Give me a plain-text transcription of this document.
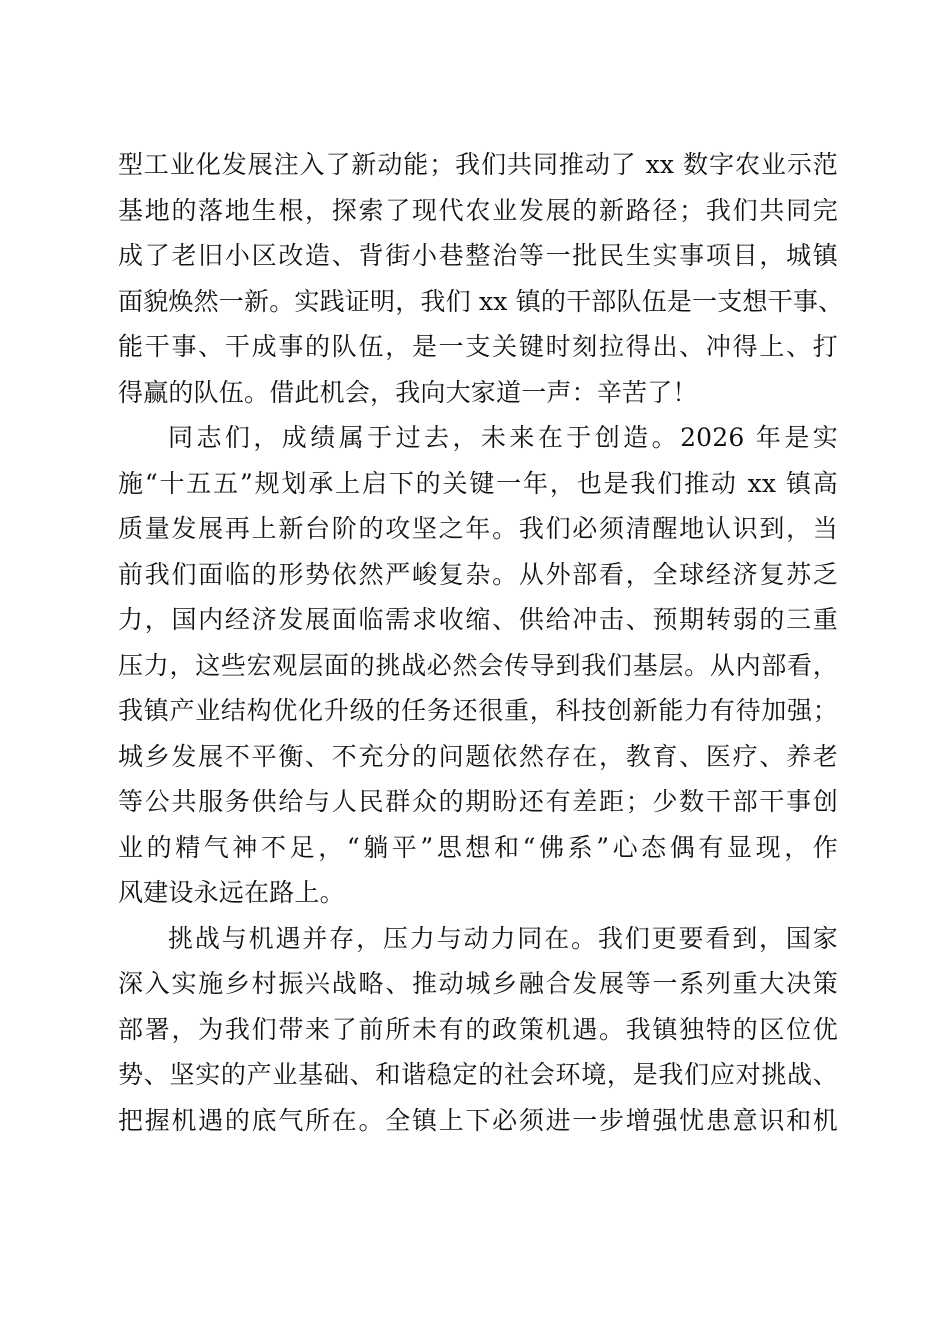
型工业化发展注入了新动能；我们共同推动了 xx 数字农业示范
基地的落地生根，探索了现代农业发展的新路径；我们共同完
成了老旧小区改造、背街小巷整治等一批民生实事项目，城镇
面貌焕然一新。实践证明，我们 xx 镇的干部队伍是一支想干事、
能干事、干成事的队伍，是一支关键时刻拉得出、冲得上、打
得赢的队伍。借此机会，我向大家道一声：辛苦了！
同志们，成绩属于过去，未来在于创造。2026 年是实
施“十五五”规划承上启下的关键一年，也是我们推动 xx 镇高
质量发展再上新台阶的攻坚之年。我们必须清醒地认识到，当
前我们面临的形势依然严峻复杂。从外部看，全球经济复苏乏
力，国内经济发展面临需求收缩、供给冲击、预期转弱的三重
压力，这些宏观层面的挑战必然会传导到我们基层。从内部看，
我镇产业结构优化升级的任务还很重，科技创新能力有待加强；
城乡发展不平衡、不充分的问题依然存在，教育、医疗、养老
等公共服务供给与人民群众的期盼还有差距；少数干部干事创
业的精气神不足，“躺平”思想和“佛系”心态偶有显现，作
风建设永远在路上。
挑战与机遇并存，压力与动力同在。我们更要看到，国家
深入实施乡村振兴战略、推动城乡融合发展等一系列重大决策
部署，为我们带来了前所未有的政策机遇。我镇独特的区位优
势、坚实的产业基础、和谐稳定的社会环境，是我们应对挑战、
把握机遇的底气所在。全镇上下必须进一步增强忧患意识和机
